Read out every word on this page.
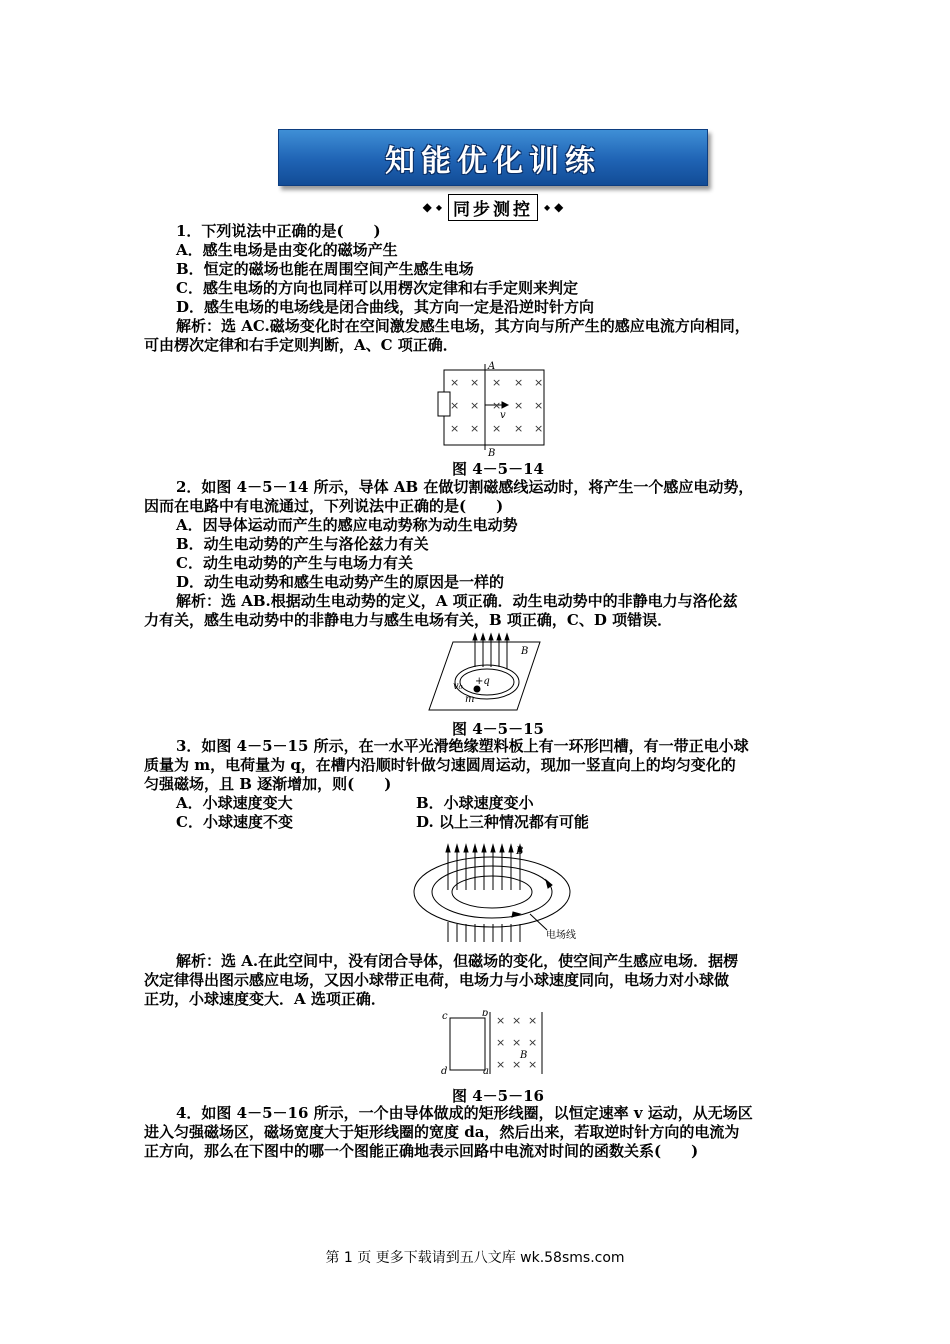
知能优化训练
◆ ◆ 同步测控	◆ ◆
1．下列说法中正确的是(　　)
A．感生电场是由变化的磁场产生
B．恒定的磁场也能在周围空间产生感生电场
C．感生电场的方向也同样可以用楞次定律和右手定则来判定
D．感生电场的电场线是闭合曲线，其方向一定是沿逆时针方向
解析：选 AC.磁场变化时在空间激发感生电场，其方向与所产生的感应电流方向相同，
可由楞次定律和右手定则判断，A、C 项正确．
× × × × ×
× × × × ×
× × × × ×
A
B
v
图 4－5－14
2．如图 4－5－14 所示，导体 AB 在做切割磁感线运动时，将产生一个感应电动势，
因而在电路中有电流通过，下列说法中正确的是(　　)
A．因导体运动而产生的感应电动势称为动生电动势
B．动生电动势的产生与洛伦兹力有关
C．动生电动势的产生与电场力有关
D．动生电动势和感生电动势产生的原因是一样的
解析：选 AB.根据动生电动势的定义，A 项正确．动生电动势中的非静电力与洛伦兹
力有关，感生电动势中的非静电力与感生电场有关，B 项正确，C、D 项错误．
B
+q
v₀
m
图 4－5－15
3．如图 4－5－15 所示，在一水平光滑绝缘塑料板上有一环形凹槽，有一带正电小球
质量为 m，电荷量为 q，在槽内沿顺时针做匀速圆周运动，现加一竖直向上的均匀变化的
匀强磁场，且 B 逐渐增加，则(　　)
A．小球速度变大	B．小球速度变小
C．小球速度不变	D. 以上三种情况都有可能
B
电场线
解析：选 A.在此空间中，没有闭合导体，但磁场的变化，使空间产生感应电场．据楞
次定律得出图示感应电场，又因小球带正电荷，电场力与小球速度同向，电场力对小球做
正功，小球速度变大．A 选项正确．
× × ×
× × ×
× × ×
c	b
d	a
B
图 4－5－16
4．如图 4－5－16 所示，一个由导体做成的矩形线圈，以恒定速率 v 运动，从无场区
进入匀强磁场区，磁场宽度大于矩形线圈的宽度 da，然后出来，若取逆时针方向的电流为
正方向，那么在下图中的哪一个图能正确地表示回路中电流对时间的函数关系(　　)
第 1 页 更多下载请到五八文库 wk.58sms.com
